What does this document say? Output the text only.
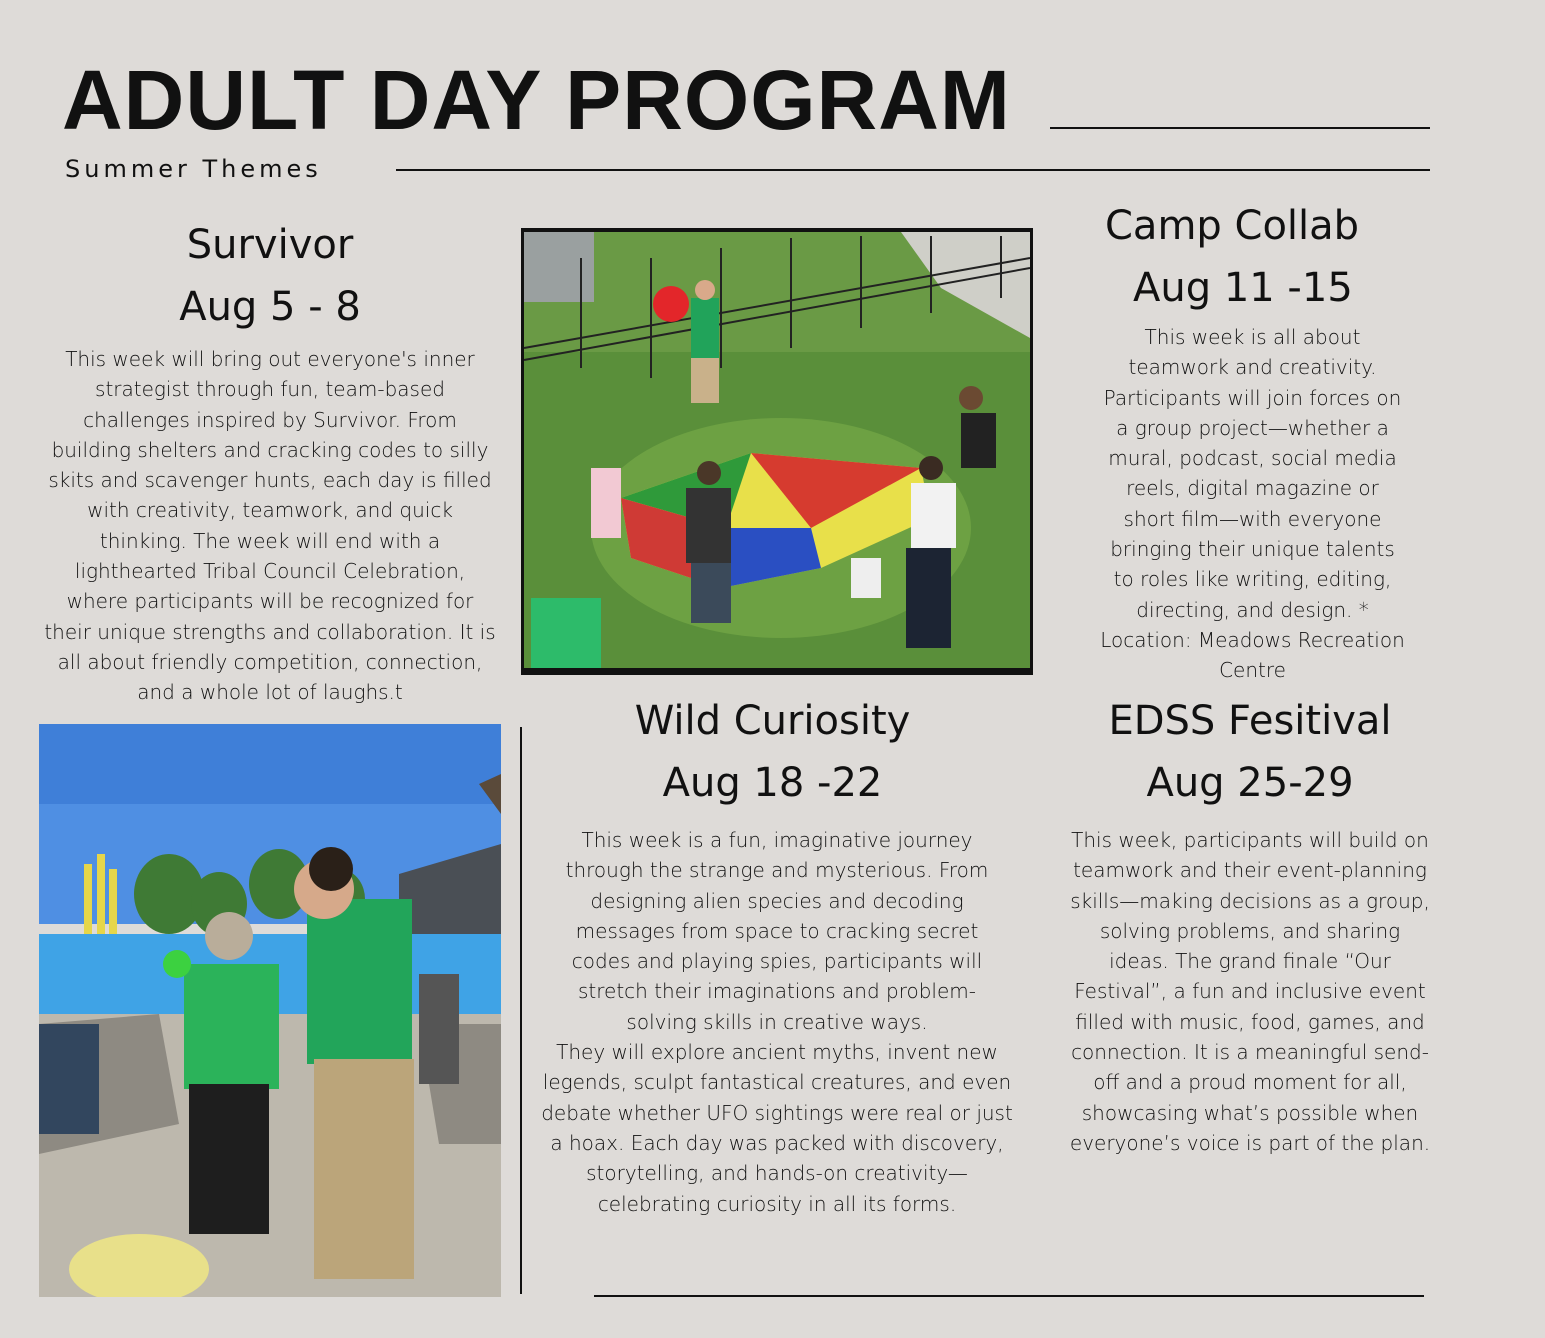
ADULT DAY PROGRAM
Summer Themes
Survivor
Aug 5 - 8
This week will bring out everyone's inner strategist through fun, team-based challenges inspired by Survivor. From building shelters and cracking codes to silly skits and scavenger hunts, each day is filled with creativity, teamwork, and quick thinking. The week will end with a lighthearted Tribal Council Celebration, where participants will be recognized for their unique strengths and collaboration. It is all about friendly competition, connection, and a whole lot of laughs.t
Camp Collab
Aug 11 -15
This week is all about teamwork and creativity. Participants will join forces on a group project—whether a mural, podcast, social media reels, digital magazine or short film—with everyone bringing their unique talents to roles like writing, editing, directing, and design. * Location: Meadows Recreation Centre
Wild Curiosity
Aug 18 -22
This week is a fun, imaginative journey through the strange and mysterious. From designing alien species and decoding messages from space to cracking secret codes and playing spies, participants will stretch their imaginations and problem-solving skills in creative ways.
They will explore ancient myths, invent new legends, sculpt fantastical creatures, and even debate whether UFO sightings were real or just a hoax. Each day was packed with discovery, storytelling, and hands-on creativity—celebrating curiosity in all its forms.
EDSS Fesitival
Aug 25-29
This week, participants will build on teamwork and their event-planning skills—making decisions as a group, solving problems, and sharing ideas. The grand finale “Our Festival”, a fun and inclusive event filled with music, food, games, and connection. It is a meaningful send-off and a proud moment for all, showcasing what’s possible when everyone’s voice is part of the plan.
